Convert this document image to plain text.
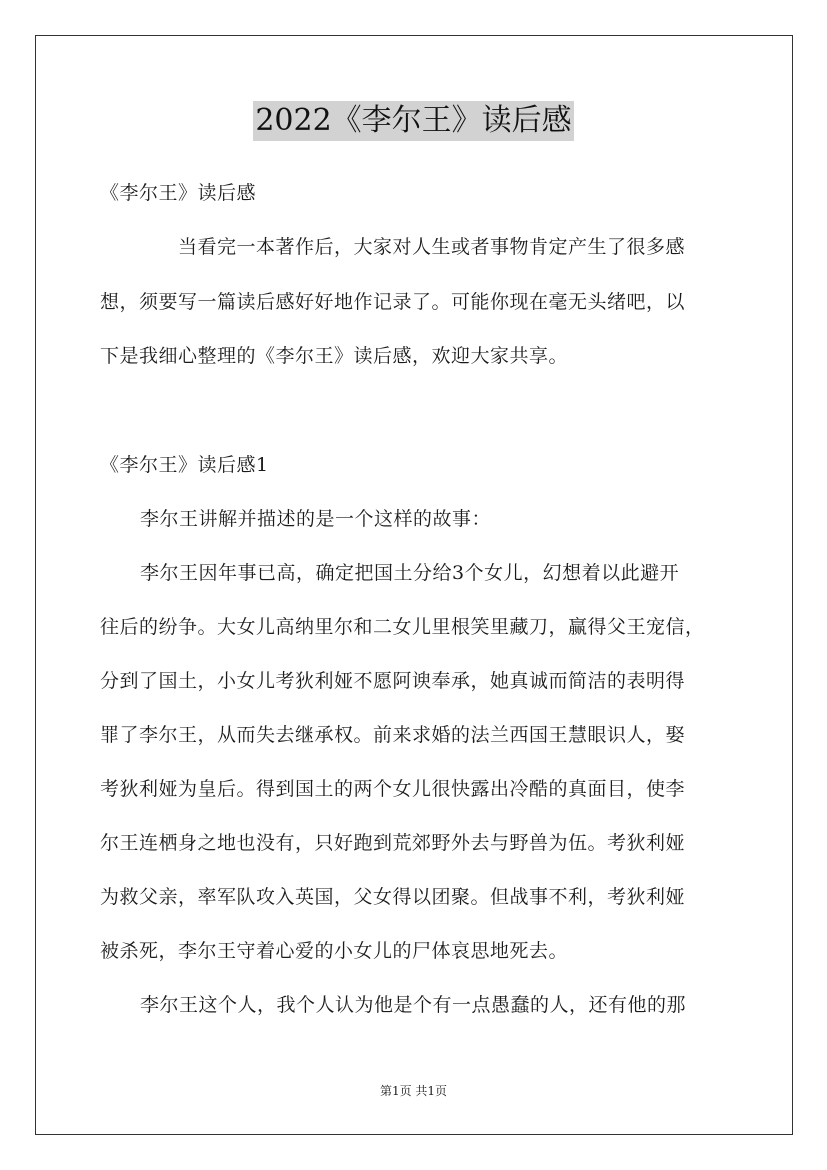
2022《李尔王》读后感
《李尔王》读后感
当看完一本著作后，大家对人生或者事物肯定产生了很多感
想，须要写一篇读后感好好地作记录了。可能你现在毫无头绪吧，以
下是我细心整理的《李尔王》读后感，欢迎大家共享。
《李尔王》读后感1
李尔王讲解并描述的是一个这样的故事：
李尔王因年事已高，确定把国土分给3个女儿，幻想着以此避开
往后的纷争。大女儿高纳里尔和二女儿里根笑里藏刀，赢得父王宠信，
分到了国土，小女儿考狄利娅不愿阿谀奉承，她真诚而简洁的表明得
罪了李尔王，从而失去继承权。前来求婚的法兰西国王慧眼识人，娶
考狄利娅为皇后。得到国土的两个女儿很快露出冷酷的真面目，使李
尔王连栖身之地也没有，只好跑到荒郊野外去与野兽为伍。考狄利娅
为救父亲，率军队攻入英国，父女得以团聚。但战事不利，考狄利娅
被杀死，李尔王守着心爱的小女儿的尸体哀思地死去。
李尔王这个人，我个人认为他是个有一点愚蠢的人，还有他的那
第1页 共1页
